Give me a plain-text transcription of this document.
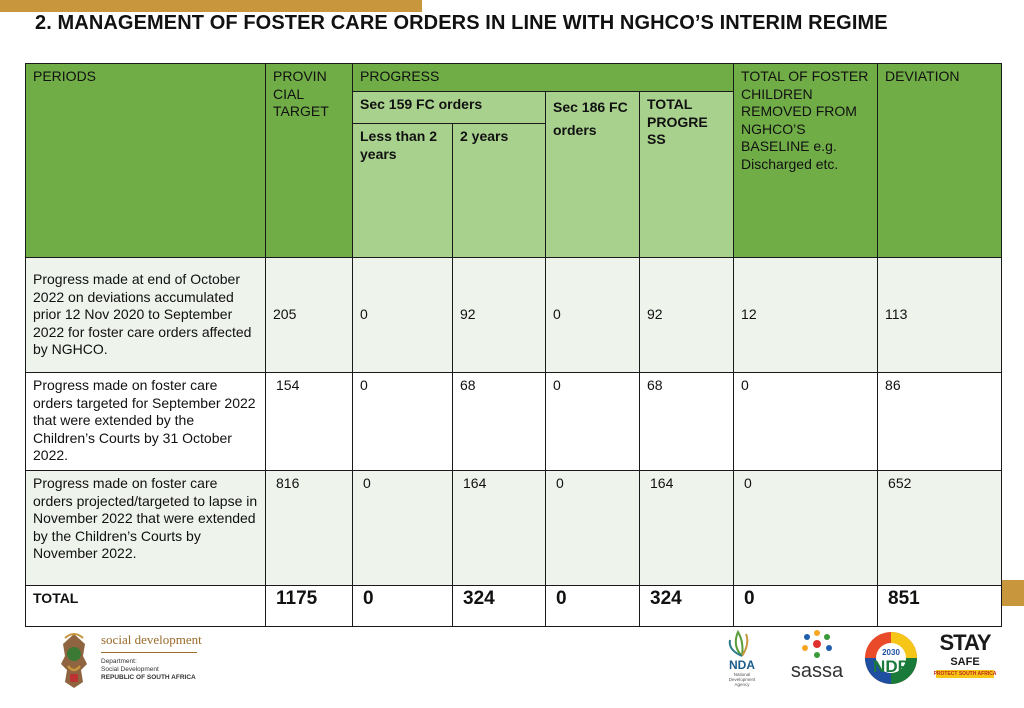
2. MANAGEMENT OF FOSTER CARE ORDERS IN LINE WITH NGHCO’S INTERIM REGIME
PERIODS	PROVIN CIAL TARGET	PROGRESS				TOTAL OF FOSTER CHILDREN REMOVED FROM NGHCO’S BASELINE e.g. Discharged etc.	DEVIATION
		Sec 159 FC orders		Sec 186 FC orders	TOTAL PROGRE SS		
		Less than 2 years	2 years				
Progress made at end of October 2022 on deviations accumulated prior 12 Nov 2020 to September 2022 for foster care orders affected by NGHCO.	205	0	92	0	92	12	113
Progress made on foster care orders targeted for September 2022 that were extended by the Children’s Courts by 31 October 2022.	154	0	68	0	68	0	86
Progress made on foster care orders projected/targeted to lapse in November 2022 that were extended by the Children’s Courts by November 2022.	816	0	164	0	164	0	652
TOTAL	1175	0	324	0	324	0	851
social development
Department:
Social Development
REPUBLIC OF SOUTH AFRICA
NDA
National Development Agency
sassa
2030
NDP
STAY
SAFE
PROTECT SOUTH AFRICA
